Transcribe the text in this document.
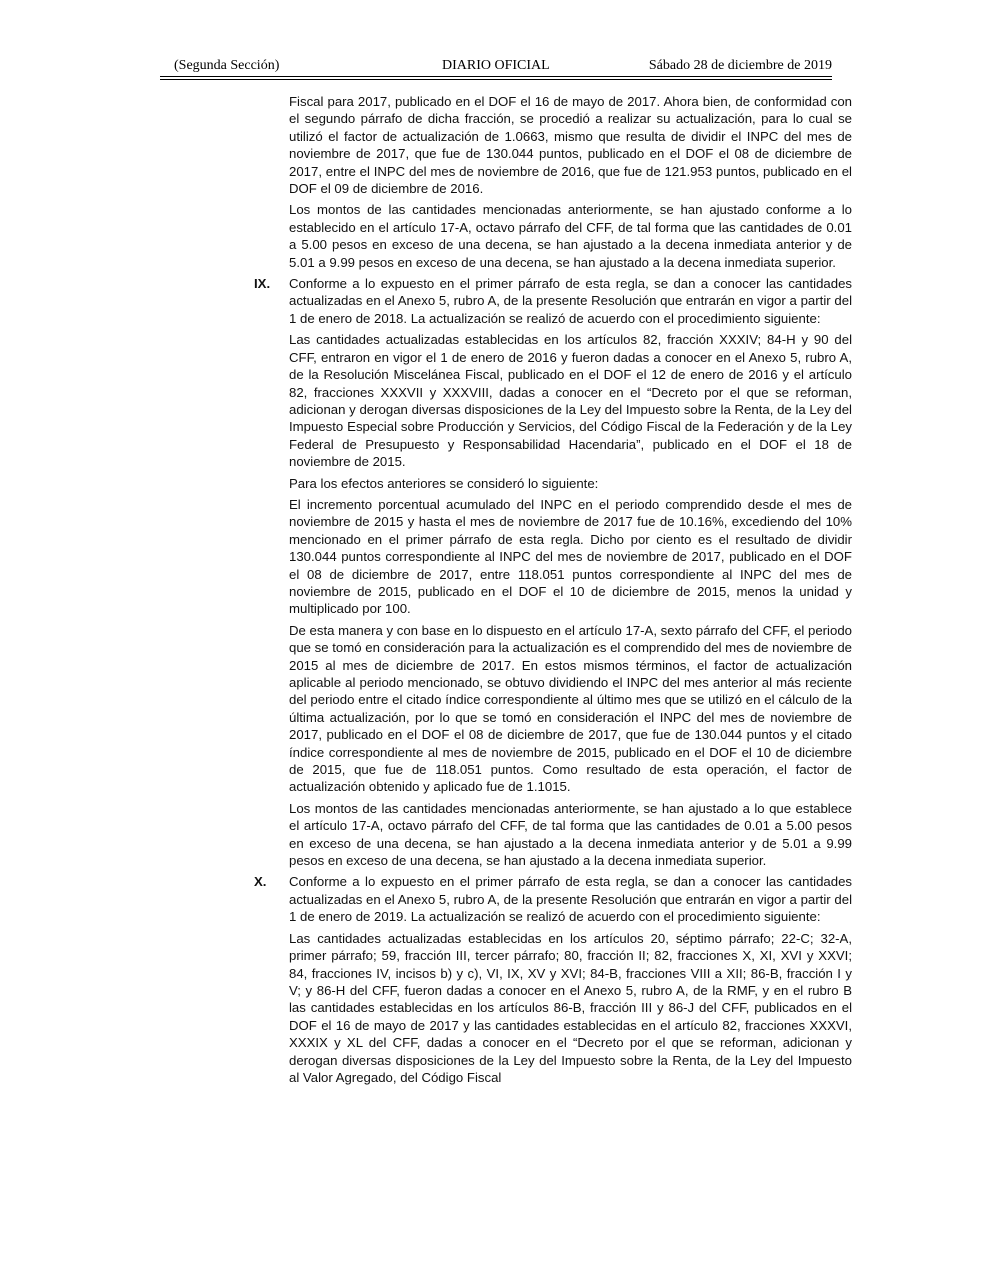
(Segunda Sección)	DIARIO OFICIAL	Sábado 28 de diciembre de 2019

Fiscal para 2017, publicado en el DOF el 16 de mayo de 2017. Ahora bien, de conformidad con el segundo párrafo de dicha fracción, se procedió a realizar su actualización, para lo cual se utilizó el factor de actualización de 1.0663, mismo que resulta de dividir el INPC del mes de noviembre de 2017, que fue de 130.044 puntos, publicado en el DOF el 08 de diciembre de 2017, entre el INPC del mes de noviembre de 2016, que fue de 121.953 puntos, publicado en el DOF el 09 de diciembre de 2016.

Los montos de las cantidades mencionadas anteriormente, se han ajustado conforme a lo establecido en el artículo 17-A, octavo párrafo del CFF, de tal forma que las cantidades de 0.01 a 5.00 pesos en exceso de una decena, se han ajustado a la decena inmediata anterior y de 5.01 a 9.99 pesos en exceso de una decena, se han ajustado a la decena inmediata superior.

IX. Conforme a lo expuesto en el primer párrafo de esta regla, se dan a conocer las cantidades actualizadas en el Anexo 5, rubro A, de la presente Resolución que entrarán en vigor a partir del 1 de enero de 2018. La actualización se realizó de acuerdo con el procedimiento siguiente:

Las cantidades actualizadas establecidas en los artículos 82, fracción XXXIV; 84-H y 90 del CFF, entraron en vigor el 1 de enero de 2016 y fueron dadas a conocer en el Anexo 5, rubro A, de la Resolución Miscelánea Fiscal, publicado en el DOF el 12 de enero de 2016 y el artículo 82, fracciones XXXVII y XXXVIII, dadas a conocer en el “Decreto por el que se reforman, adicionan y derogan diversas disposiciones de la Ley del Impuesto sobre la Renta, de la Ley del Impuesto Especial sobre Producción y Servicios, del Código Fiscal de la Federación y de la Ley Federal de Presupuesto y Responsabilidad Hacendaria”, publicado en el DOF el 18 de noviembre de 2015.

Para los efectos anteriores se consideró lo siguiente:

El incremento porcentual acumulado del INPC en el periodo comprendido desde el mes de noviembre de 2015 y hasta el mes de noviembre de 2017 fue de 10.16%, excediendo del 10% mencionado en el primer párrafo de esta regla. Dicho por ciento es el resultado de dividir 130.044 puntos correspondiente al INPC del mes de noviembre de 2017, publicado en el DOF el 08 de diciembre de 2017, entre 118.051 puntos correspondiente al INPC del mes de noviembre de 2015, publicado en el DOF el 10 de diciembre de 2015, menos la unidad y multiplicado por 100.

De esta manera y con base en lo dispuesto en el artículo 17-A, sexto párrafo del CFF, el periodo que se tomó en consideración para la actualización es el comprendido del mes de noviembre de 2015 al mes de diciembre de 2017. En estos mismos términos, el factor de actualización aplicable al periodo mencionado, se obtuvo dividiendo el INPC del mes anterior al más reciente del periodo entre el citado índice correspondiente al último mes que se utilizó en el cálculo de la última actualización, por lo que se tomó en consideración el INPC del mes de noviembre de 2017, publicado en el DOF el 08 de diciembre de 2017, que fue de 130.044 puntos y el citado índice correspondiente al mes de noviembre de 2015, publicado en el DOF el 10 de diciembre de 2015, que fue de 118.051 puntos. Como resultado de esta operación, el factor de actualización obtenido y aplicado fue de 1.1015.

Los montos de las cantidades mencionadas anteriormente, se han ajustado a lo que establece el artículo 17-A, octavo párrafo del CFF, de tal forma que las cantidades de 0.01 a 5.00 pesos en exceso de una decena, se han ajustado a la decena inmediata anterior y de 5.01 a 9.99 pesos en exceso de una decena, se han ajustado a la decena inmediata superior.

X. Conforme a lo expuesto en el primer párrafo de esta regla, se dan a conocer las cantidades actualizadas en el Anexo 5, rubro A, de la presente Resolución que entrarán en vigor a partir del 1 de enero de 2019. La actualización se realizó de acuerdo con el procedimiento siguiente:

Las cantidades actualizadas establecidas en los artículos 20, séptimo párrafo; 22-C; 32-A, primer párrafo; 59, fracción III, tercer párrafo; 80, fracción II; 82, fracciones X, XI, XVI y XXVI; 84, fracciones IV, incisos b) y c), VI, IX, XV y XVI; 84-B, fracciones VIII a XII; 86-B, fracción I y V; y 86-H del CFF, fueron dadas a conocer en el Anexo 5, rubro A, de la RMF, y en el rubro B las cantidades establecidas en los artículos 86-B, fracción III y 86-J del CFF, publicados en el DOF el 16 de mayo de 2017 y las cantidades establecidas en el artículo 82, fracciones XXXVI, XXXIX y XL del CFF, dadas a conocer en el “Decreto por el que se reforman, adicionan y derogan diversas disposiciones de la Ley del Impuesto sobre la Renta, de la Ley del Impuesto al Valor Agregado, del Código Fiscal
